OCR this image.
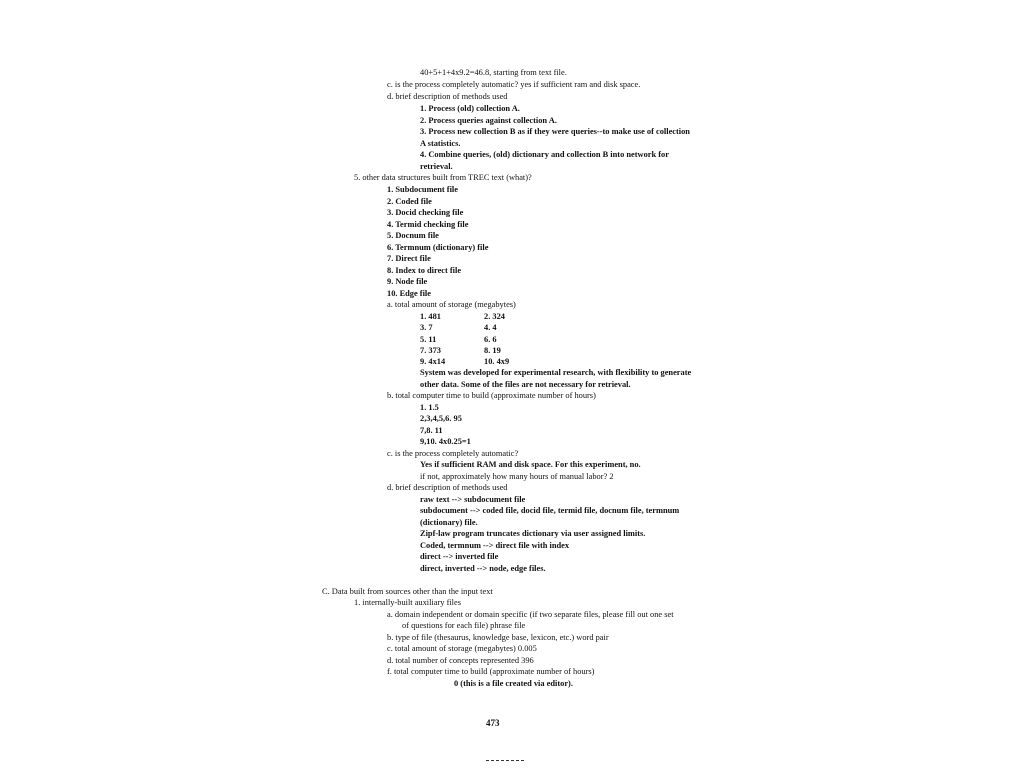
40+5+1+4x9.2=46.8, starting from text file.
c. is the process completely automatic? yes if sufficient ram and disk space.
d. brief description of methods used
1. Process (old) collection A.
2. Process queries against collection A.
3. Process new collection B as if they were queries--to make use of collection
A statistics.
4. Combine queries, (old) dictionary and collection B into network for
retrieval.
5. other data structures built from TREC text (what)?
1. Subdocument file
2. Coded file
3. Docid checking file
4. Termid checking file
5. Docnum file
6. Termnum (dictionary) file
7. Direct file
8. Index to direct file
9. Node file
10. Edge file
a. total amount of storage (megabytes)
1. 481	2. 324
3. 7	4. 4
5. 11	6. 6
7. 373	8. 19
9. 4x14	10. 4x9
System was developed for experimental research, with flexibility to generate
other data. Some of the files are not necessary for retrieval.
b. total computer time to build (approximate number of hours)
1. 1.5
2,3,4,5,6. 95
7,8. 11
9,10. 4x0.25=1
c. is the process completely automatic?
Yes if sufficient RAM and disk space. For this experiment, no.
if not, approximately how many hours of manual labor? 2
d. brief description of methods used
raw text --> subdocument file
subdocument --> coded file, docid file, termid file, docnum file, termnum
(dictionary) file.
Zipf-law program truncates dictionary via user assigned limits.
Coded, termnum --> direct file with index
direct --> inverted file
direct, inverted --> node, edge files.
C. Data built from sources other than the input text
1. internally-built auxiliary files
a. domain independent or domain specific (if two separate files, please fill out one set
of questions for each file) phrase file
b. type of file (thesaurus, knowledge base, lexicon, etc.) word pair
c. total amount of storage (megabytes) 0.005
d. total number of concepts represented 396
f. total computer time to build (approximate number of hours)
0 (this is a file created via editor).
473
